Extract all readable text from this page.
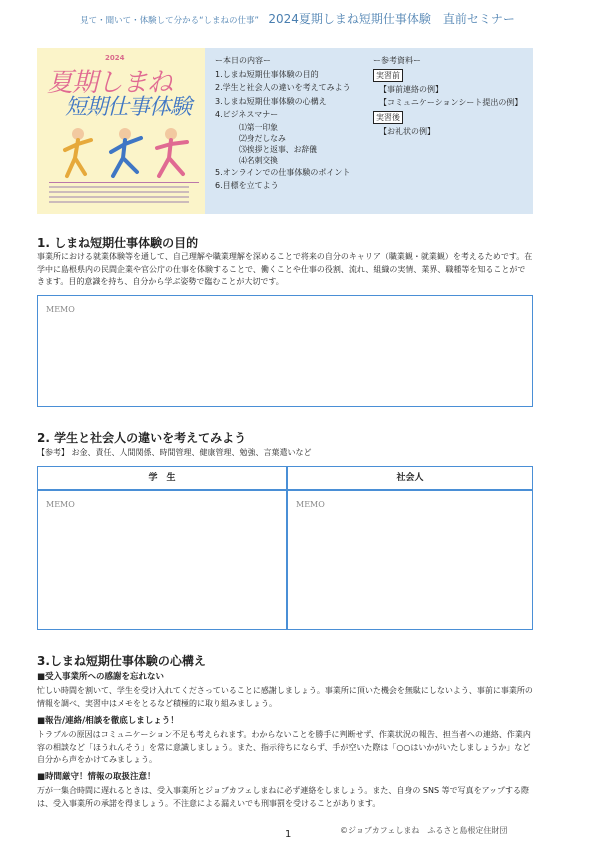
見て・聞いて・体験して分かる“しまねの仕事” 2024夏期しまね短期仕事体験　直前セミナー
2024
夏期しまね
短期仕事体験
ー本日の内容ー
1.しまね短期仕事体験の目的
2.学生と社会人の違いを考えてみよう
3.しまね短期仕事体験の心構え
4.ビジネスマナー
⑴第一印象
⑵身だしなみ
⑶挨拶と返事、お辞儀
⑷名刺交換
5.オンラインでの仕事体験のポイント
6.目標を立てよう
ー参考資料ー
実習前
【事前連絡の例】
【コミュニケーションシート提出の例】
実習後
【お礼状の例】
1. しまね短期仕事体験の目的
事業所における就業体験等を通して、自己理解や職業理解を深めることで将来の自分のキャリア（職業観・就業観）を考えるためです。在学中に島根県内の民間企業や官公庁の仕事を体験することで、働くことや仕事の役割、流れ、組織の実情、業界、職種等を知ることができます。目的意識を持ち、自分から学ぶ姿勢で臨むことが大切です。
MEMO
2. 学生と社会人の違いを考えてみよう
【参考】 お金、責任、人間関係、時間管理、健康管理、勉強、言葉遣いなど
学　生	社会人
MEMO	MEMO
3.しまね短期仕事体験の心構え
■受入事業所への感謝を忘れない
忙しい時間を割いて、学生を受け入れてくださっていることに感謝しましょう。事業所に頂いた機会を無駄にしないよう、事前に事業所の情報を調べ、実習中はメモをとるなど積極的に取り組みましょう。
■報告/連絡/相談を徹底しましょう！
トラブルの原因はコミュニケーション不足も考えられます。わからないことを勝手に判断せず、作業状況の報告、担当者への連絡、作業内容の相談など「ほうれんそう」を常に意識しましょう。また、指示待ちにならず、手が空いた際は「○○はいかがいたしましょうか」など自分から声をかけてみましょう。
■時間厳守！情報の取扱注意！
万が一集合時間に遅れるときは、受入事業所とジョブカフェしまねに必ず連絡をしましょう。また、自身の SNS 等で写真をアップする際は、受入事業所の承諾を得ましょう。不注意による漏えいでも刑事罰を受けることがあります。
1	©ジョブカフェしまね　ふるさと島根定住財団
